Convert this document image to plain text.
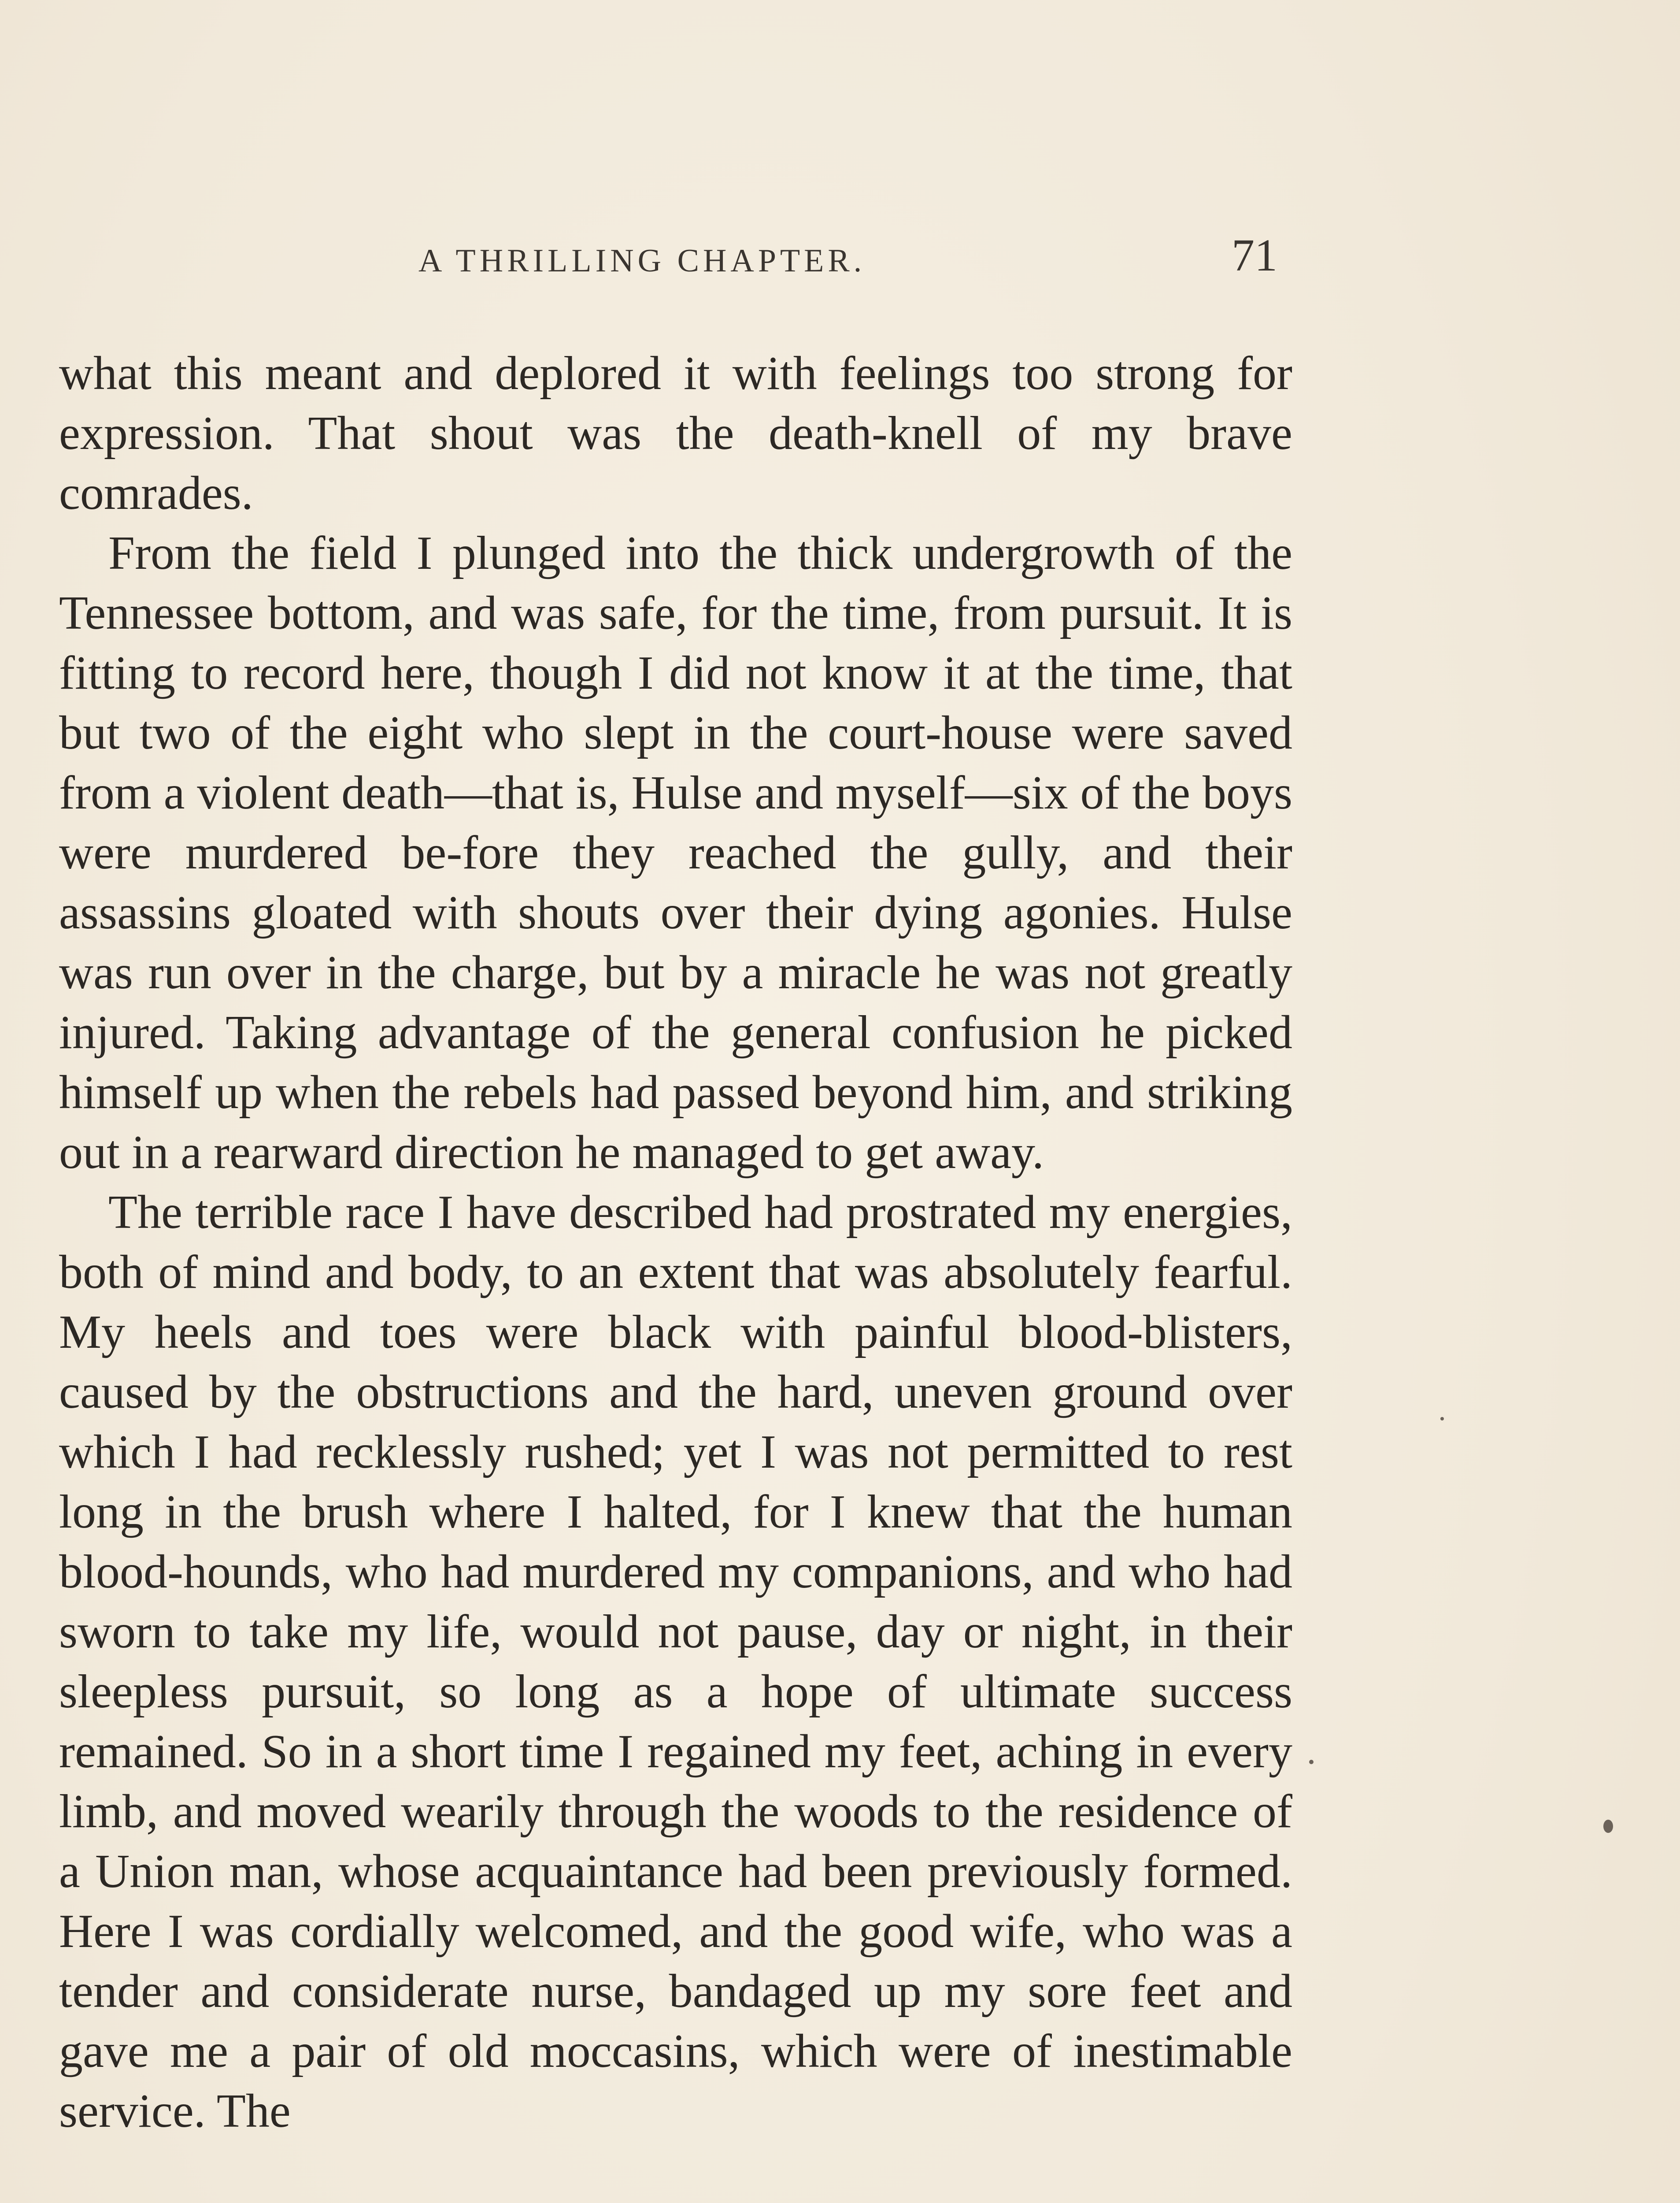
A THRILLING CHAPTER.	71

what this meant and deplored it with feelings too strong for expression. That shout was the death-knell of my brave comrades.

From the field I plunged into the thick undergrowth of the Tennessee bottom, and was safe, for the time, from pursuit. It is fitting to record here, though I did not know it at the time, that but two of the eight who slept in the court-house were saved from a violent death—that is, Hulse and myself—six of the boys were murdered be-fore they reached the gully, and their assassins gloated with shouts over their dying agonies. Hulse was run over in the charge, but by a miracle he was not greatly injured. Taking advantage of the general confusion he picked himself up when the rebels had passed beyond him, and striking out in a rearward direction he managed to get away.

The terrible race I have described had prostrated my energies, both of mind and body, to an extent that was absolutely fearful. My heels and toes were black with painful blood-blisters, caused by the obstructions and the hard, uneven ground over which I had recklessly rushed; yet I was not permitted to rest long in the brush where I halted, for I knew that the human blood-hounds, who had murdered my companions, and who had sworn to take my life, would not pause, day or night, in their sleepless pursuit, so long as a hope of ultimate success remained. So in a short time I regained my feet, aching in every limb, and moved wearily through the woods to the residence of a Union man, whose acquaintance had been previously formed. Here I was cordially welcomed, and the good wife, who was a tender and considerate nurse, bandaged up my sore feet and gave me a pair of old moccasins, which were of inestimable service. The
